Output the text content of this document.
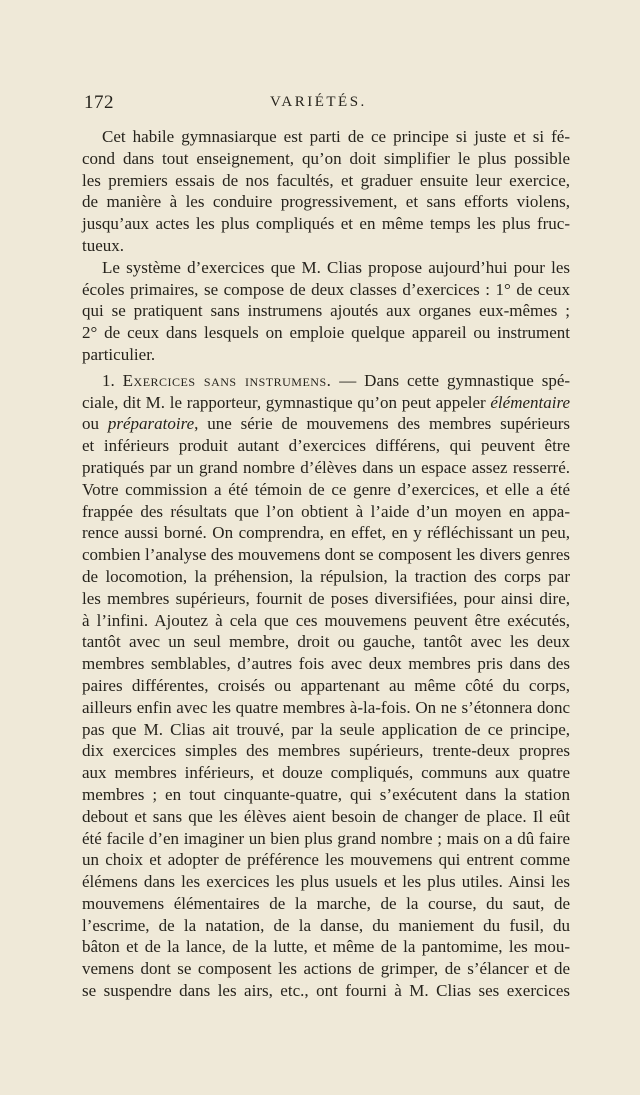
172	VARIÉTÉS.
Cet habile gymnasiarque est parti de ce principe si juste et si fé-
cond dans tout enseignement, qu’on doit simplifier le plus possible
les premiers essais de nos facultés, et graduer ensuite leur exercice,
de manière à les conduire progressivement, et sans efforts violens,
jusqu’aux actes les plus compliqués et en même temps les plus fruc-
tueux.
Le système d’exercices que M. Clias propose aujourd’hui pour les
écoles primaires, se compose de deux classes d’exercices : 1° de ceux
qui se pratiquent sans instrumens ajoutés aux organes eux-mêmes ;
2° de ceux dans lesquels on emploie quelque appareil ou instrument
particulier.
1. Exercices sans instrumens. — Dans cette gymnastique spé-
ciale, dit M. le rapporteur, gymnastique qu’on peut appeler élémentaire
ou préparatoire, une série de mouvemens des membres supérieurs
et inférieurs produit autant d’exercices différens, qui peuvent être
pratiqués par un grand nombre d’élèves dans un espace assez resserré.
Votre commission a été témoin de ce genre d’exercices, et elle a été
frappée des résultats que l’on obtient à l’aide d’un moyen en appa-
rence aussi borné. On comprendra, en effet, en y réfléchissant un peu,
combien l’analyse des mouvemens dont se composent les divers genres
de locomotion, la préhension, la répulsion, la traction des corps par
les membres supérieurs, fournit de poses diversifiées, pour ainsi dire,
à l’infini. Ajoutez à cela que ces mouvemens peuvent être exécutés,
tantôt avec un seul membre, droit ou gauche, tantôt avec les deux
membres semblables, d’autres fois avec deux membres pris dans des
paires différentes, croisés ou appartenant au même côté du corps,
ailleurs enfin avec les quatre membres à-la-fois. On ne s’étonnera donc
pas que M. Clias ait trouvé, par la seule application de ce principe,
dix exercices simples des membres supérieurs, trente-deux propres
aux membres inférieurs, et douze compliqués, communs aux quatre
membres ; en tout cinquante-quatre, qui s’exécutent dans la station
debout et sans que les élèves aient besoin de changer de place. Il eût
été facile d’en imaginer un bien plus grand nombre ; mais on a dû faire
un choix et adopter de préférence les mouvemens qui entrent comme
élémens dans les exercices les plus usuels et les plus utiles. Ainsi les
mouvemens élémentaires de la marche, de la course, du saut, de
l’escrime, de la natation, de la danse, du maniement du fusil, du
bâton et de la lance, de la lutte, et même de la pantomime, les mou-
vemens dont se composent les actions de grimper, de s’élancer et de
se suspendre dans les airs, etc., ont fourni à M. Clias ses exercices
